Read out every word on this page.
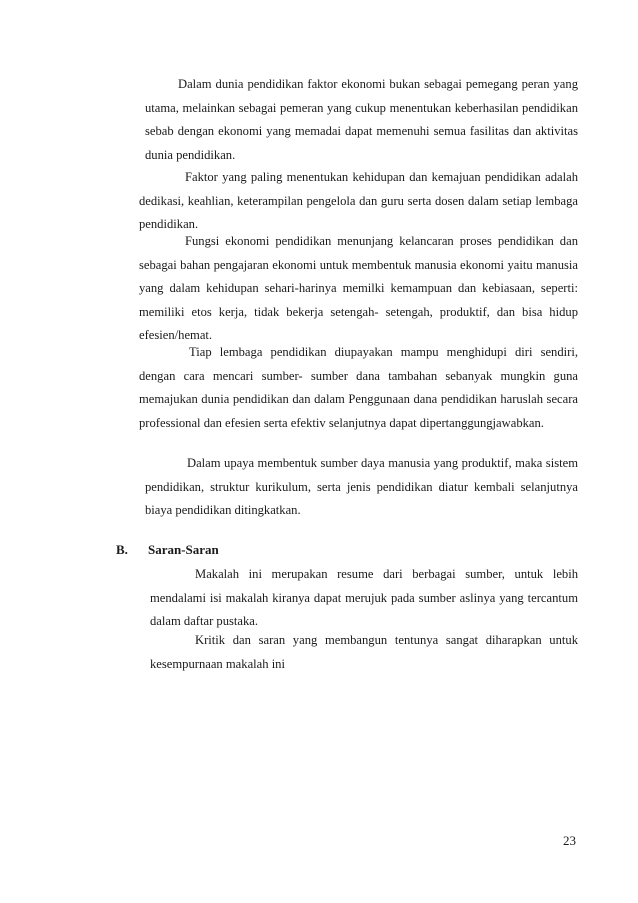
Dalam dunia pendidikan faktor ekonomi bukan sebagai pemegang peran yang utama, melainkan sebagai pemeran yang cukup menentukan keberhasilan pendidikan sebab dengan ekonomi yang memadai dapat memenuhi semua fasilitas dan aktivitas dunia pendidikan.
Faktor yang paling menentukan kehidupan dan kemajuan pendidikan adalah dedikasi, keahlian, keterampilan pengelola dan guru serta dosen dalam setiap lembaga pendidikan.
Fungsi ekonomi pendidikan menunjang kelancaran proses pendidikan dan sebagai bahan pengajaran ekonomi untuk membentuk manusia ekonomi yaitu manusia yang dalam kehidupan sehari-harinya memilki kemampuan dan kebiasaan, seperti: memiliki etos kerja, tidak bekerja setengah- setengah, produktif, dan bisa hidup efesien/hemat.
Tiap lembaga pendidikan diupayakan mampu menghidupi diri sendiri, dengan cara mencari sumber- sumber dana tambahan sebanyak mungkin guna memajukan dunia pendidikan dan dalam Penggunaan dana pendidikan haruslah secara professional dan efesien serta efektiv selanjutnya dapat dipertanggungjawabkan.
Dalam upaya membentuk sumber daya manusia yang produktif, maka sistem pendidikan, struktur kurikulum, serta jenis pendidikan diatur kembali selanjutnya biaya pendidikan ditingkatkan.
B. Saran-Saran
Makalah ini merupakan resume dari berbagai sumber, untuk lebih mendalami isi makalah kiranya dapat merujuk pada sumber aslinya yang tercantum dalam daftar pustaka.
Kritik dan saran yang membangun tentunya sangat diharapkan untuk kesempurnaan makalah ini
23
